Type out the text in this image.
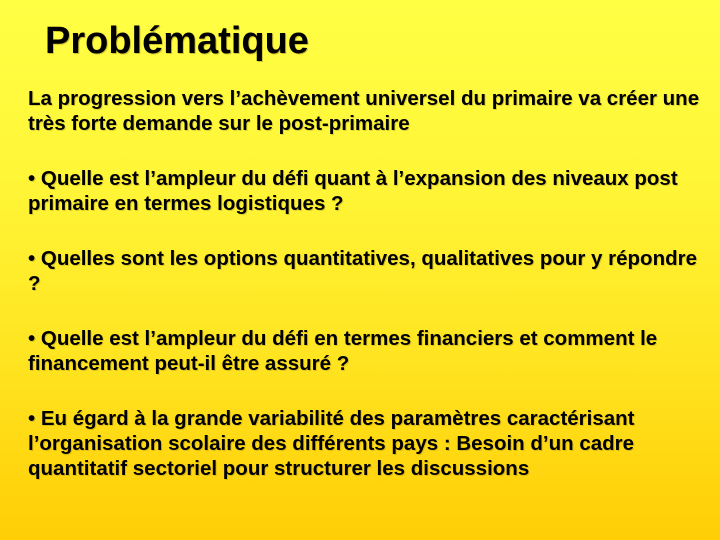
Problématique

La progression vers l’achèvement universel du primaire va créer une très forte demande sur le post-primaire

• Quelle est l’ampleur du défi quant à l’expansion des niveaux post primaire en termes logistiques ?

• Quelles sont les options quantitatives, qualitatives pour y répondre ?

• Quelle est l’ampleur du défi en termes financiers et comment le financement peut-il être assuré ?

• Eu égard à la grande variabilité des paramètres caractérisant l’organisation scolaire des différents pays : Besoin d’un cadre quantitatif sectoriel pour structurer les discussions
